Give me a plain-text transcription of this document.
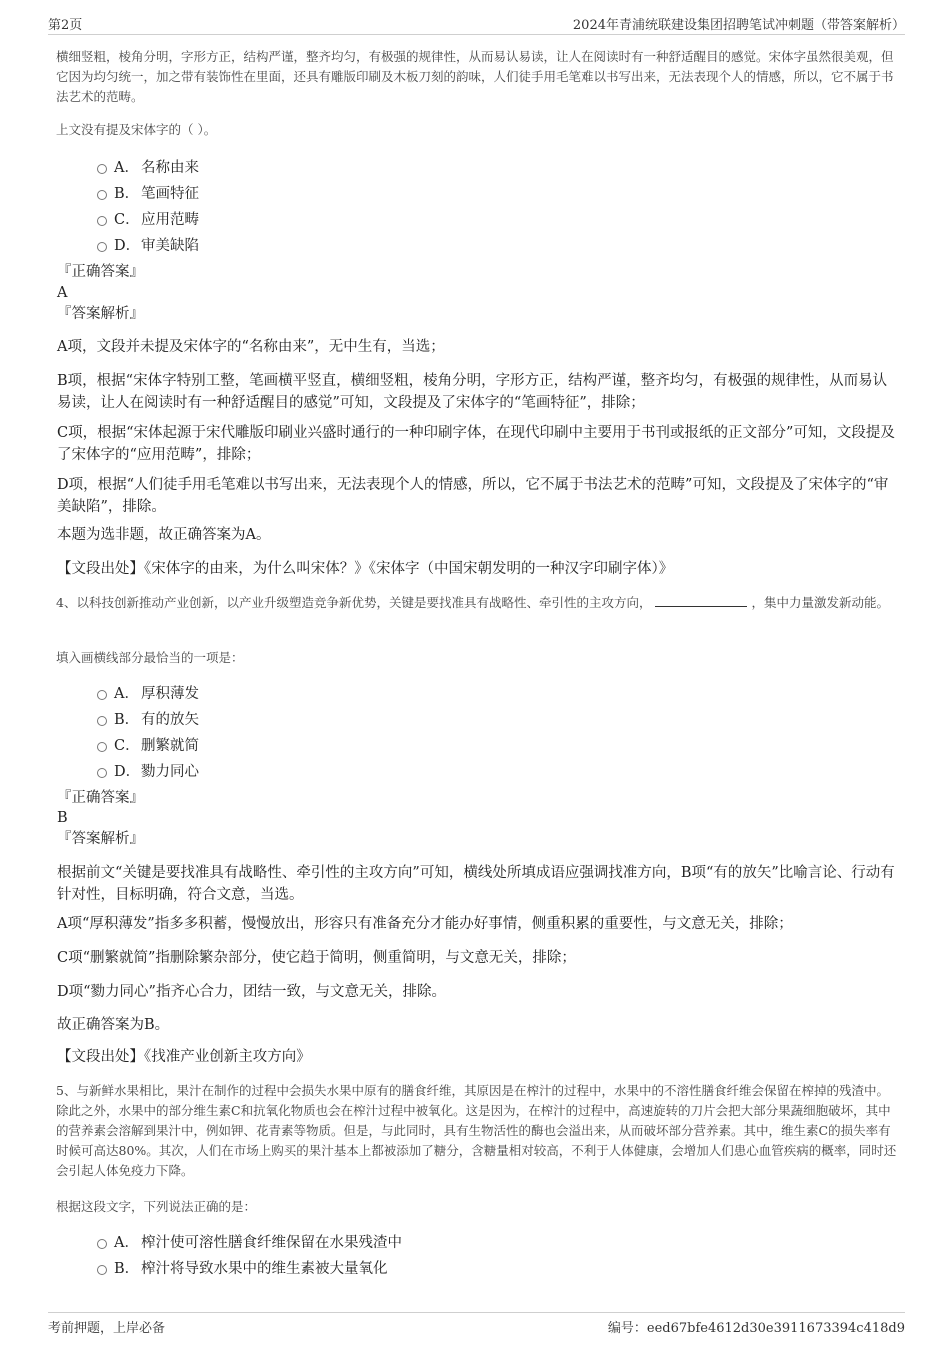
第2页	2024年青浦统联建设集团招聘笔试冲刺题（带答案解析）
横细竖粗，棱角分明，字形方正，结构严谨，整齐均匀，有极强的规律性，从而易认易读，让人在阅读时有一种舒适醒目的感觉。宋体字虽然很美观，但它因为均匀统一，加之带有装饰性在里面，还具有雕版印刷及木板刀刻的韵味，人们徒手用毛笔难以书写出来，无法表现个人的情感，所以，它不属于书法艺术的范畴。
上文没有提及宋体字的（ ）。
A． 名称由来
B． 笔画特征
C． 应用范畴
D． 审美缺陷
『正确答案』
A
『答案解析』
A项，文段并未提及宋体字的“名称由来”，无中生有，当选；
B项，根据“宋体字特别工整，笔画横平竖直，横细竖粗，棱角分明，字形方正，结构严谨，整齐均匀，有极强的规律性，从而易认易读，让人在阅读时有一种舒适醒目的感觉”可知，文段提及了宋体字的“笔画特征”，排除；
C项，根据“宋体起源于宋代雕版印刷业兴盛时通行的一种印刷字体，在现代印刷中主要用于书刊或报纸的正文部分”可知，文段提及了宋体字的“应用范畴”，排除；
D项，根据“人们徒手用毛笔难以书写出来，无法表现个人的情感，所以，它不属于书法艺术的范畴”可知，文段提及了宋体字的“审美缺陷”，排除。
本题为选非题，故正确答案为A。
【文段出处】《宋体字的由来，为什么叫宋体？》《宋体字（中国宋朝发明的一种汉字印刷字体）》
4、以科技创新推动产业创新，以产业升级塑造竞争新优势，关键是要找准具有战略性、牵引性的主攻方向，	，集中力量激发新动能。
填入画横线部分最恰当的一项是：
A． 厚积薄发
B． 有的放矢
C． 删繁就简
D． 勠力同心
『正确答案』
B
『答案解析』
根据前文“关键是要找准具有战略性、牵引性的主攻方向”可知，横线处所填成语应强调找准方向，B项“有的放矢”比喻言论、行动有针对性，目标明确，符合文意，当选。
A项“厚积薄发”指多多积蓄，慢慢放出，形容只有准备充分才能办好事情，侧重积累的重要性，与文意无关，排除；
C项“删繁就简”指删除繁杂部分，使它趋于简明，侧重简明，与文意无关，排除；
D项“勠力同心”指齐心合力，团结一致，与文意无关，排除。
故正确答案为B。
【文段出处】《找准产业创新主攻方向》
5、与新鲜水果相比，果汁在制作的过程中会损失水果中原有的膳食纤维，其原因是在榨汁的过程中，水果中的不溶性膳食纤维会保留在榨掉的残渣中。除此之外，水果中的部分维生素C和抗氧化物质也会在榨汁过程中被氧化。这是因为，在榨汁的过程中，高速旋转的刀片会把大部分果蔬细胞破坏，其中的营养素会溶解到果汁中，例如钾、花青素等物质。但是，与此同时，具有生物活性的酶也会溢出来，从而破坏部分营养素。其中，维生素C的损失率有时候可高达80%。其次，人们在市场上购买的果汁基本上都被添加了糖分，含糖量相对较高，不利于人体健康，会增加人们患心血管疾病的概率，同时还会引起人体免疫力下降。
根据这段文字，下列说法正确的是：
A． 榨汁使可溶性膳食纤维保留在水果残渣中
B． 榨汁将导致水果中的维生素被大量氧化
考前押题，上岸必备	编号：eed67bfe4612d30e3911673394c418d9
